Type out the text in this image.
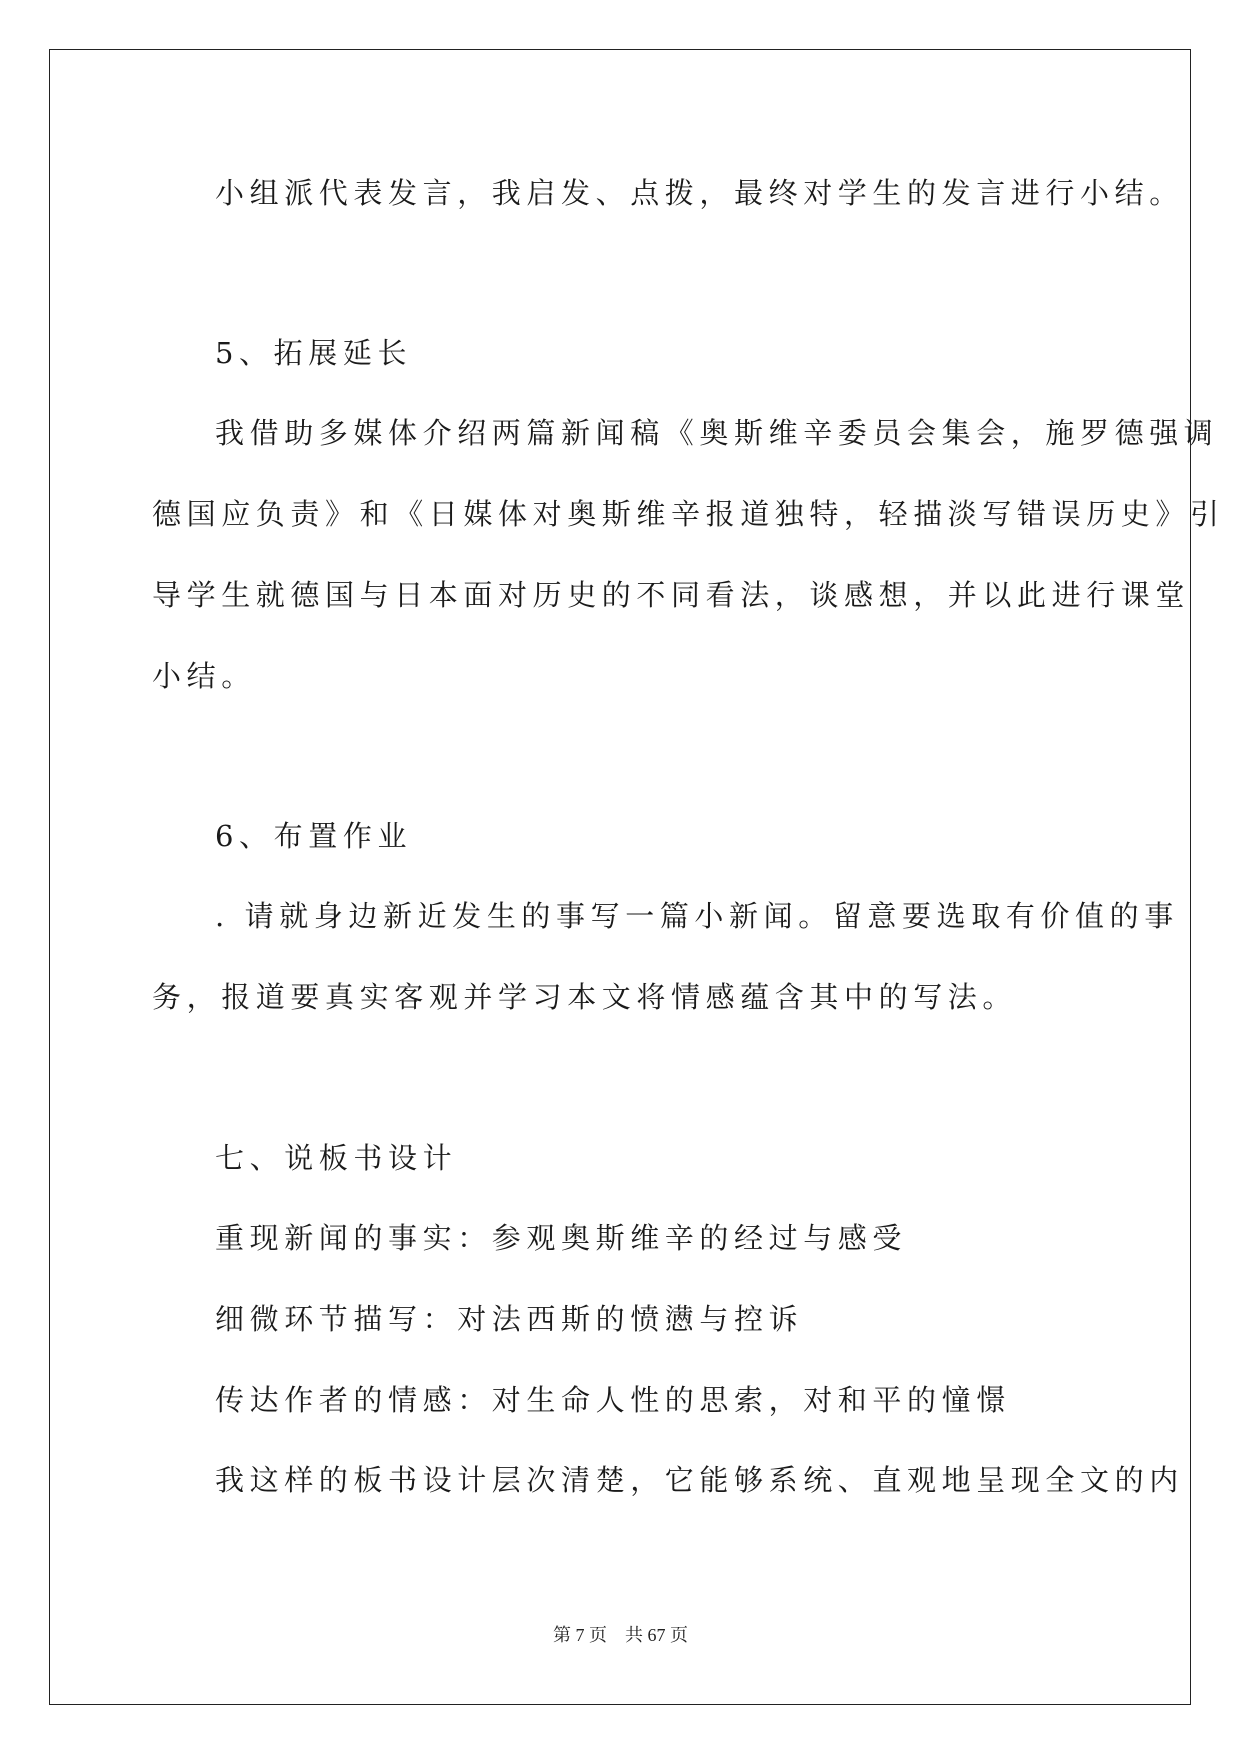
小组派代表发言，我启发、点拨，最终对学生的发言进行小结。
5、拓展延长
我借助多媒体介绍两篇新闻稿《奥斯维辛委员会集会，施罗德强调
德国应负责》和《日媒体对奥斯维辛报道独特，轻描淡写错误历史》引
导学生就德国与日本面对历史的不同看法，谈感想，并以此进行课堂
小结。
6、布置作业
. 请就身边新近发生的事写一篇小新闻。留意要选取有价值的事
务，报道要真实客观并学习本文将情感蕴含其中的写法。
七、说板书设计
重现新闻的事实：参观奥斯维辛的经过与感受
细微环节描写：对法西斯的愤懑与控诉
传达作者的情感：对生命人性的思索，对和平的憧憬
我这样的板书设计层次清楚，它能够系统、直观地呈现全文的内
第 7 页    共 67 页
